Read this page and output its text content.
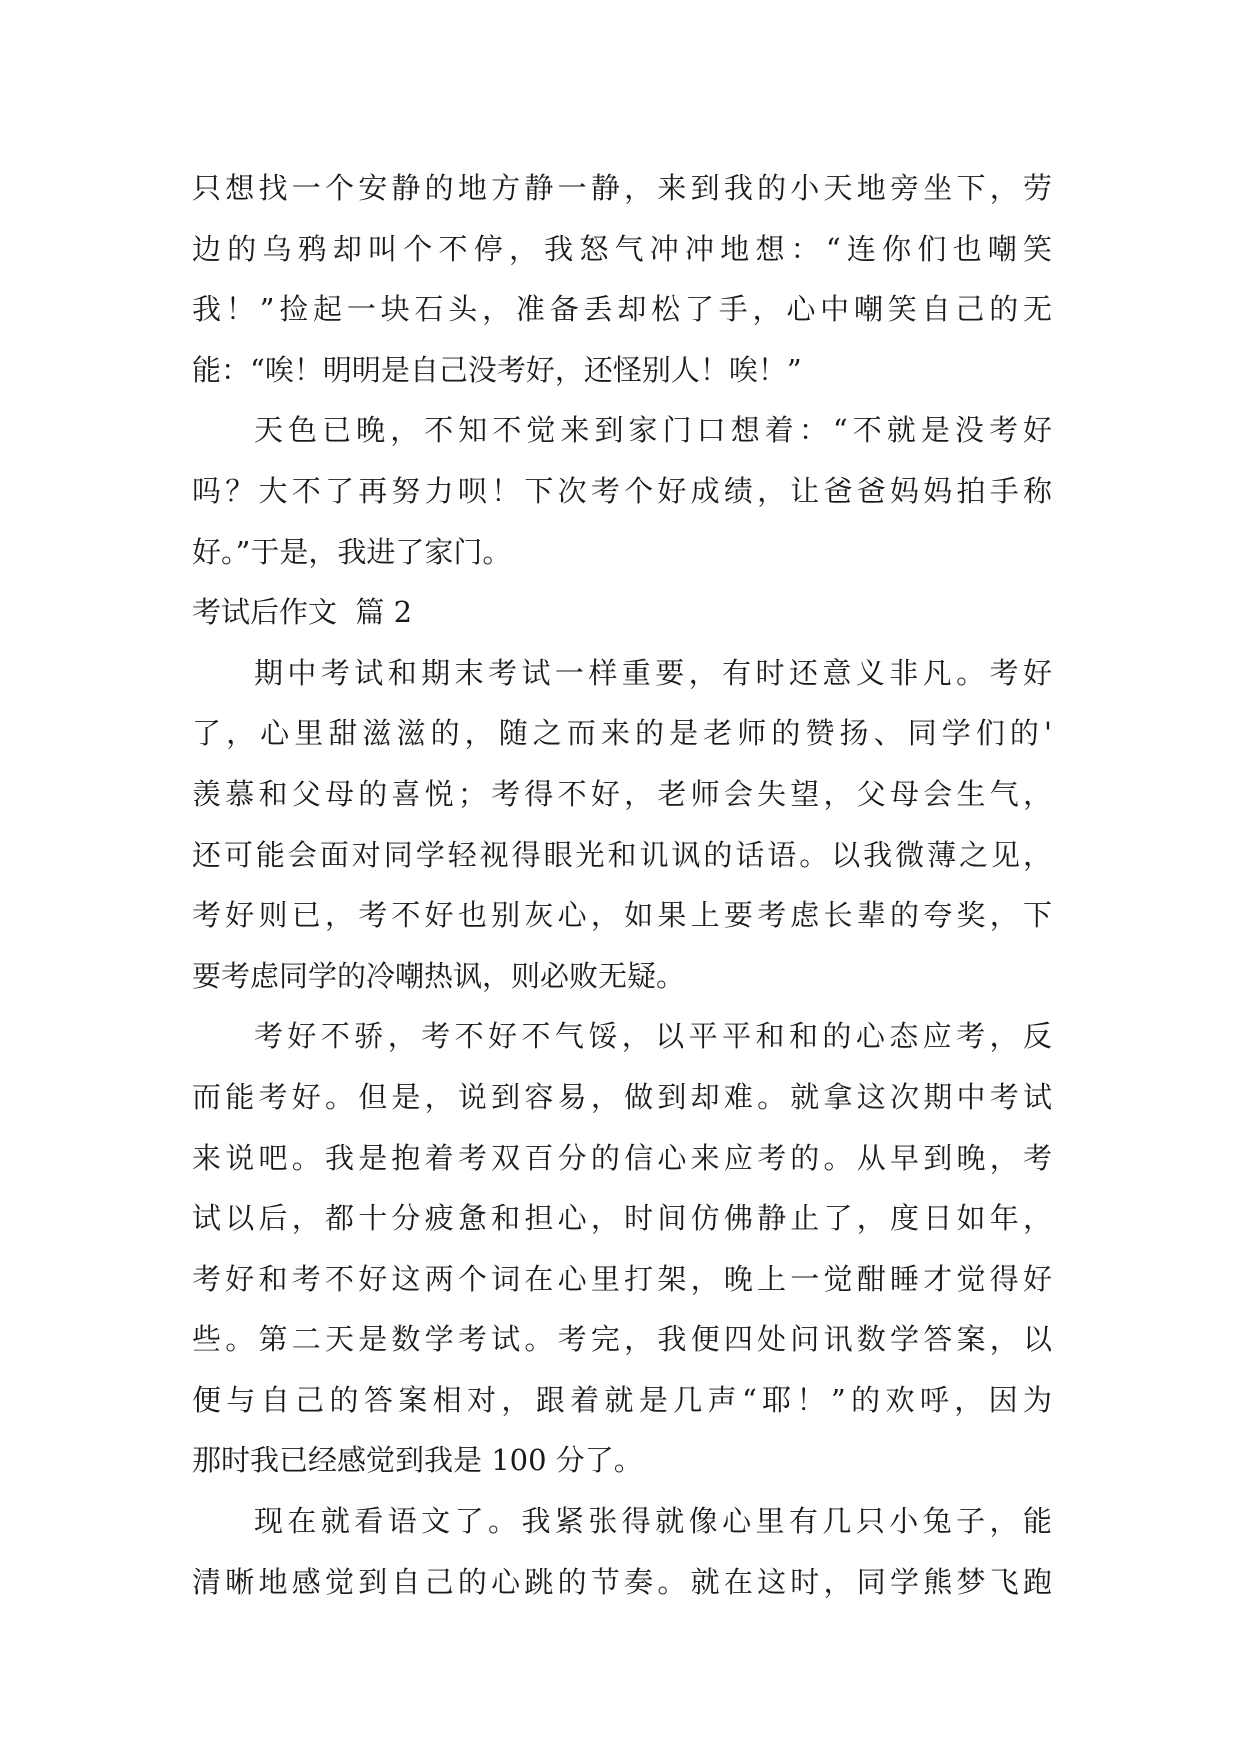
只想找一个安静的地方静一静，来到我的小天地旁坐下，劳
边的乌鸦却叫个不停，我怒气冲冲地想：“连你们也嘲笑
我！”捡起一块石头，准备丢却松了手，心中嘲笑自己的无
能：“唉！明明是自己没考好，还怪别人！唉！”
天色已晚，不知不觉来到家门口想着：“不就是没考好
吗？大不了再努力呗！下次考个好成绩，让爸爸妈妈拍手称
好。”于是，我进了家门。
考试后作文  篇 2
期中考试和期末考试一样重要，有时还意义非凡。考好
了，心里甜滋滋的，随之而来的是老师的赞扬、同学们的'
羡慕和父母的喜悦；考得不好，老师会失望，父母会生气，
还可能会面对同学轻视得眼光和讥讽的话语。以我微薄之见，
考好则已，考不好也别灰心，如果上要考虑长辈的夸奖，下
要考虑同学的冷嘲热讽，则必败无疑。
考好不骄，考不好不气馁，以平平和和的心态应考，反
而能考好。但是，说到容易，做到却难。就拿这次期中考试
来说吧。我是抱着考双百分的信心来应考的。从早到晚，考
试以后，都十分疲惫和担心，时间仿佛静止了，度日如年，
考好和考不好这两个词在心里打架，晚上一觉酣睡才觉得好
些。第二天是数学考试。考完，我便四处问讯数学答案，以
便与自己的答案相对，跟着就是几声“耶！”的欢呼，因为
那时我已经感觉到我是 100 分了。
现在就看语文了。我紧张得就像心里有几只小兔子，能
清晰地感觉到自己的心跳的节奏。就在这时，同学熊梦飞跑
